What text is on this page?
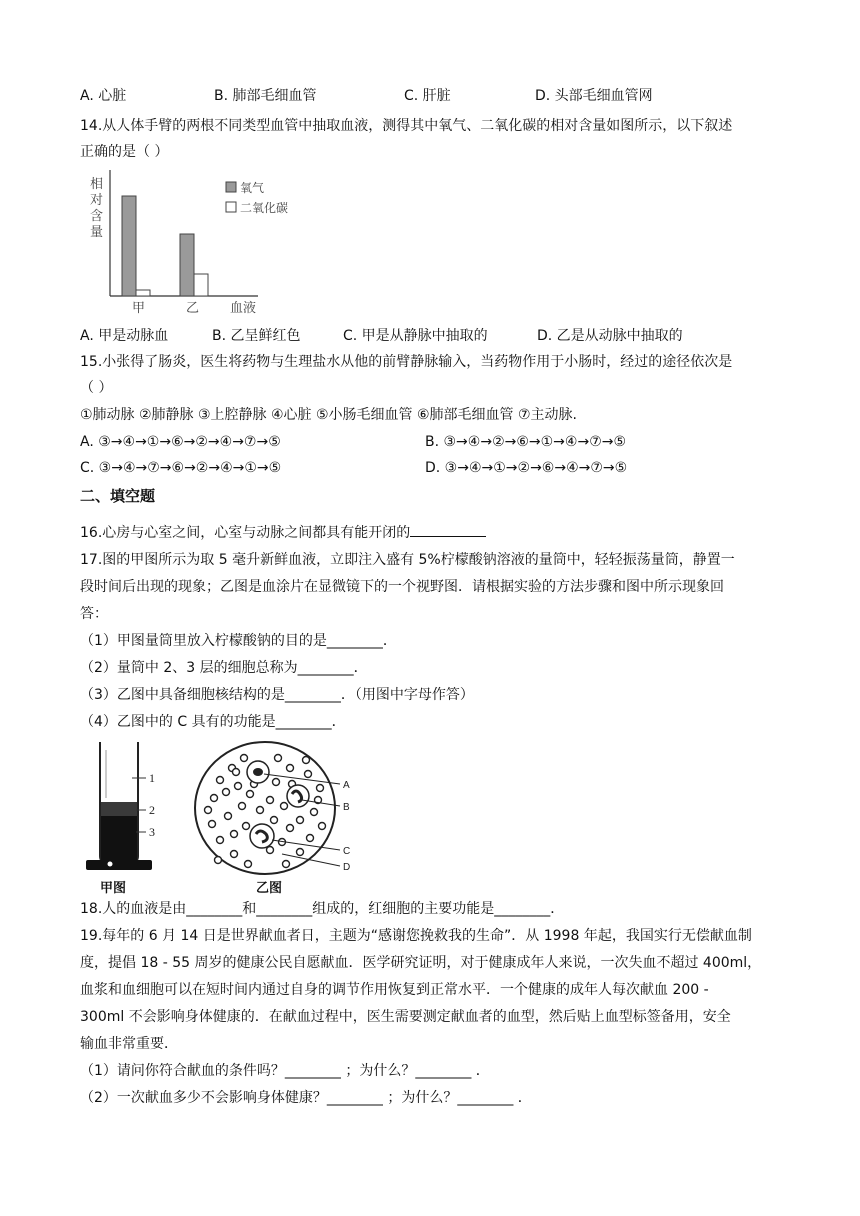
A. 心脏	B. 肺部毛细血管	C. 肝脏	D. 头部毛细血管网
14.从人体手臂的两根不同类型血管中抽取血液，测得其中氧气、二氧化碳的相对含量如图所示，以下叙述
正确的是（ ）
相
对
含
量
甲	乙 血液
氧气
二氧化碳
A. 甲是动脉血	B. 乙呈鲜红色	C. 甲是从静脉中抽取的	D. 乙是从动脉中抽取的
15.小张得了肠炎，医生将药物与生理盐水从他的前臂静脉输入，当药物作用于小肠时，经过的途径依次是
（ ）
①肺动脉 ②肺静脉 ③上腔静脉 ④心脏 ⑤小肠毛细血管 ⑥肺部毛细血管 ⑦主动脉.
A. ③→④→①→⑥→②→④→⑦→⑤	B. ③→④→②→⑥→①→④→⑦→⑤
C. ③→④→⑦→⑥→②→④→①→⑤	D. ③→④→①→②→⑥→④→⑦→⑤
二、填空题
16.心房与心室之间，心室与动脉之间都具有能开闭的
17.图的甲图所示为取 5 毫升新鲜血液，立即注入盛有 5%柠檬酸钠溶液的量筒中，轻轻振荡量筒，静置一
段时间后出现的现象；乙图是血涂片在显微镜下的一个视野图．请根据实验的方法步骤和图中所示现象回
答：
（1）甲图量筒里放入柠檬酸钠的目的是________．
（2）量筒中 2、3 层的细胞总称为________．
（3）乙图中具备细胞核结构的是________．（用图中字母作答）
（4）乙图中的 C 具有的功能是________．
1
2
3
甲图
A
B
C
D
乙图
18.人的血液是由________和________组成的，红细胞的主要功能是________．
19.每年的 6 月 14 日是世界献血者日，主题为“感谢您挽救我的生命”．从 1998 年起，我国实行无偿献血制
度，提倡 18 - 55 周岁的健康公民自愿献血．医学研究证明，对于健康成年人来说，一次失血不超过 400ml，
血浆和血细胞可以在短时间内通过自身的调节作用恢复到正常水平．一个健康的成年人每次献血 200 -
300ml 不会影响身体健康的．在献血过程中，医生需要测定献血者的血型，然后贴上血型标签备用，安全
输血非常重要．
（1）请问你符合献血的条件吗？________ ；为什么？________ ．
（2）一次献血多少不会影响身体健康？________ ；为什么？________ ．
